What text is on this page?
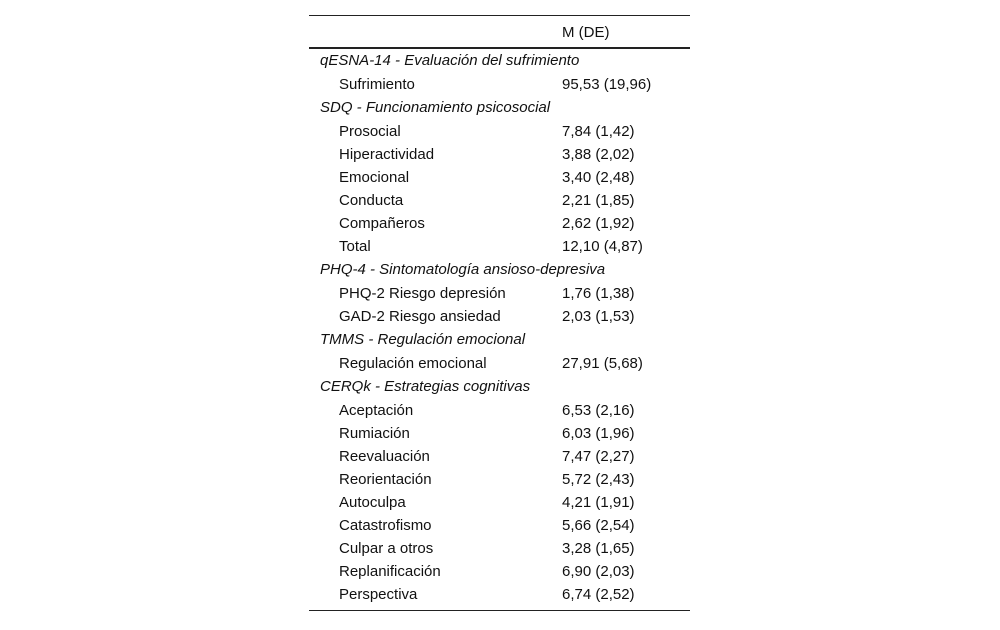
M (DE)
qESNA-14 - Evaluación del sufrimiento
Sufrimiento	95,53 (19,96)
SDQ - Funcionamiento psicosocial
Prosocial	7,84 (1,42)
Hiperactividad	3,88 (2,02)
Emocional	3,40 (2,48)
Conducta	2,21 (1,85)
Compañeros	2,62 (1,92)
Total	12,10 (4,87)
PHQ-4 - Sintomatología ansioso-depresiva
PHQ-2 Riesgo depresión	1,76 (1,38)
GAD-2 Riesgo ansiedad	2,03 (1,53)
TMMS - Regulación emocional
Regulación emocional	27,91 (5,68)
CERQk - Estrategias cognitivas
Aceptación	6,53 (2,16)
Rumiación	6,03 (1,96)
Reevaluación	7,47 (2,27)
Reorientación	5,72 (2,43)
Autoculpa	4,21 (1,91)
Catastrofismo	5,66 (2,54)
Culpar a otros	3,28 (1,65)
Replanificación	6,90 (2,03)
Perspectiva	6,74 (2,52)
